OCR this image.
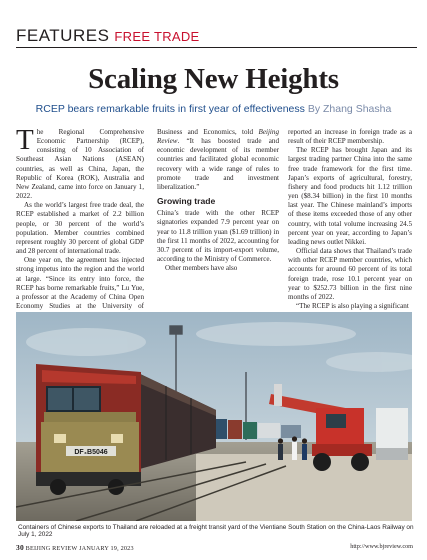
FEATURES FREE TRADE
Scaling New Heights
RCEP bears remarkable fruits in first year of effectiveness By Zhang Shasha

The Regional Comprehensive Economic Partnership (RCEP), consisting of 10 Association of Southeast Asian Nations (ASEAN) countries, as well as China, Japan, the Republic of Korea (ROK), Australia and New Zealand, came into force on January 1, 2022.

As the world’s largest free trade deal, the RCEP established a market of 2.2 billion people, or 30 percent of the world’s population. Member countries combined represent roughly 30 percent of global GDP and 28 percent of international trade.

One year on, the agreement has injected strong impetus into the region and the world at large. “Since its entry into force, the RCEP has borne remarkable fruits,” Lu Yue, a professor at the Academy of China Open Economy Studies at the University of

Business and Economics, told Beijing Review. “It has boosted trade and economic development of its member countries and facilitated global economic recovery with a wide range of rules to promote trade and investment liberalization.”

Growing trade

China’s trade with the other RCEP signatories expanded 7.9 percent year on year to 11.8 trillion yuan ($1.69 trillion) in the first 11 months of 2022, accounting for 30.7 percent of its import-export volume, according to the Ministry of Commerce.

Other members have also

reported an increase in foreign trade as a result of their RCEP membership.

The RCEP has brought Japan and its largest trading partner China into the same free trade framework for the first time. Japan’s exports of agricultural, forestry, fishery and food products hit 1.12 trillion yen ($8.34 billion) in the first 10 months last year. The Chinese mainland’s imports of these items exceeded those of any other country, with total volume increasing 24.5 percent year on year, according to Japan’s leading news outlet Nikkei.

Official data shows that Thailand’s trade with other RCEP member countries, which accounts for around 60 percent of its total foreign trade, rose 10.1 percent year on year to $252.73 billion in the first nine months of 2022.

“The RCEP is also playing a significant

DF₄B5046
Containers of Chinese exports to Thailand are reloaded at a freight transit yard of the Vientiane South Station on the China-Laos Railway on July 1, 2022
30 BEIJING REVIEW JANUARY 19, 2023	http://www.bjreview.com
